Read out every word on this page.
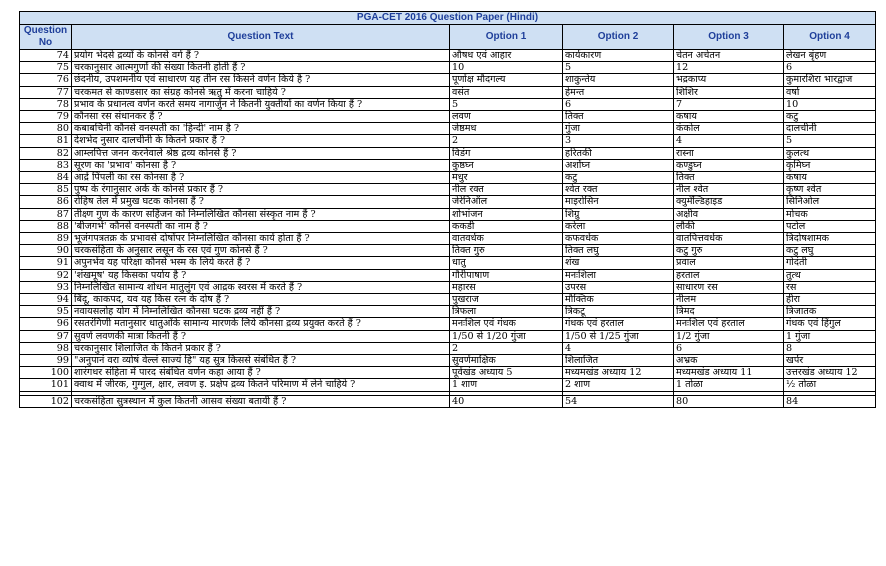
PGA-CET 2016 Question Paper (Hindi)					
Question No	Question Text	Option 1	Option 2	Option 3	Option 4
74	प्रयोग भेदसे द्रव्यों के कोनसे वर्ग हैं ?	औषध एवं आहार	कार्यकारण	चेतन अचेतन	लेखन बृंहण
75	चरकानुसार आत्मगुणों की संख्या कितनी होती हैं ?	10	5	12	6
76	छंदनीय, उपशमनीय एवं साधारण यह तीन रस किसने वर्णन किये है ?	पूर्णाक्ष मौदगल्य	शाकुन्तेय	भद्रकाप्य	कुमारशिरा भारद्वाज
77	चरकमत से काण्डसार का संग्रह कोनसे ऋतु में करना चाहिये ?	वसंत	हेमन्त	शिशिर	वर्षा
78	प्रभाव के प्रधानत्व वर्णन करते समय नागार्जुन ने कितनी युक्तीयों का वर्णन किया हैं ?	5	6	7	10
79	कौनसा रस संधानकर हैं ?	लवण	तिक्त	कषाय	कटु
80	कबाबचिनी कौनसे वनस्पती का 'हिन्दी' नाम है ?	जेष्ठमध	गुंजा	कंकोल	दालचीनी
81	देशभेद नुसार दालचीनी के कितने प्रकार हैं ?	2	3	4	5
82	आम्लपित्त जनन करनेवाले श्रेष्ठ द्रव्य कोनसे हैं ?	विडंग	हरितकी	रास्ना	कुलत्थ
83	सूरण का 'प्रभाव' कोनसा है ?	कुष्ठघ्न	अर्शोघ्न	कण्डुघ्न	कृमिघ्न
84	आर्द्र पिंपली का रस कोनसा है ?	मधुर	कटु	तिक्त	कषाय
85	पुष्प के रंगानुसार अर्क के कोनसे प्रकार हैं ?	नील रक्त	श्वेत रक्त	नील श्वेत	कृष्ण श्वेत
86	रोहिष तेल में प्रमुख घटक कोनसा हैं ?	जेरेनिऑल	माइरोसिन	क्युमॅल्डिहाइड	सिनिओल
87	तीक्ष्ण गुण के कारण सहिंजन को निम्नलिखित कौनसा संस्कृत नाम हैं ?	शोभांजन	शिग्रु	अक्षीव	मोचक
88	'बीजगर्भ' कौनसे वनस्पती का नाम है ?	ककडी	करेला	लौकी	पटोल
89	भूजंगपत्रतक्र के प्रभावसे दोषोंपर निम्नलिखित कौनसा कार्य होता हैं ?	वातवर्धक	कफवर्धक	वातपित्तवर्धक	त्रिदोषशामक
90	चरकसंहिता के अनुसार लसून के रस एवं गुण कोनसे हैं ?	तिक्त गुरु	तिक्त लघु	कटु गुरु	कटु लघु
91	अपुनर्भव यह परिक्षा कौनसे भस्म के लिये करते हैं ?	धातु	शंख	प्रवाल	गोदंती
92	'शंखमूष' यह किसका पर्याय है ?	गौरीपाषाण	मनःशिला	हरताल	तुत्थ
93	निम्नलिखित सामान्य शोधन मातुलुंग एवं आद्रक स्वरस में करते हैं ?	महारस	उपरस	साधारण रस	रस
94	बिंदू, काकपद, यव यह किस रत्न के दोष हैं ?	पुखराज	मौक्तिक	नीलम	हीरा
95	नवायसलोह योग में निम्नलिखित कौनसा घटक द्रव्य नहीं हैं ?	त्रिफला	त्रिकटू	त्रिमद	त्रिजातक
96	रसतरंगिणी मतानुसार धातुओंके सामान्य मारणके लिये कौनसा द्रव्य प्रयुक्त करते हैं ?	मनःशिल एवं गंधक	गंधक एवं हरताल	मनःशिल एवं हरताल	गंधक एवं हिंगुल
97	सुवर्ण लवणकी मात्रा कितनी हैं ?	1/50 से 1/20 गुंजा	1/50 से 1/25 गुंजा	1/2 गुंजा	1 गुंजा
98	चरकानुसार शिलाजित के कितने प्रकार हैं ?	2	4	6	8
99	"अनुपानं वरा व्योषं वेल्लं साज्यं हि" यह सुत्र किससे संबंधित हैं ?	सुवर्णमाक्षिक	शिलाजित	अभ्रक	खर्पर
100	शारंगधर संहिता में पारद संबंधित वर्णन कहा आया हैं ?	पूर्वखंड अध्याय 5	मध्यमखंड अध्याय 12	मध्यमखंड अध्याय 11	उत्तरखंड अध्याय 12
101	क्वाथ में जीरक, गुग्गुल, क्षार, लवण इ. प्रक्षेप द्रव्य कितने परिमाण में लेने चाहिये ?	1 शाण	2 शाण	1 तोळा	½ तोळा

102	चरकसंहिता सुत्रस्थान में कुल कितनी आसव संख्या बतायी हैं ?	40	54	80	84
